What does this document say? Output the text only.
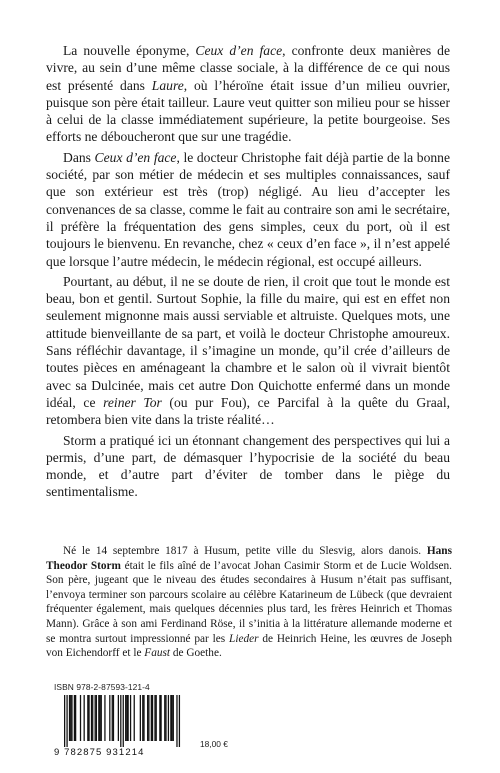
La nouvelle éponyme, Ceux d’en face, confronte deux manières de vivre, au sein d’une même classe sociale, à la différence de ce qui nous est présenté dans Laure, où l’héroïne était issue d’un milieu ouvrier, puisque son père était tailleur. Laure veut quitter son milieu pour se hisser à celui de la classe immédiatement supérieure, la petite bourgeoise. Ses efforts ne déboucheront que sur une tragédie.

Dans Ceux d’en face, le docteur Christophe fait déjà partie de la bonne société, par son métier de médecin et ses multiples connaissances, sauf que son extérieur est très (trop) négligé. Au lieu d’accepter les convenances de sa classe, comme le fait au contraire son ami le secrétaire, il préfère la fréquentation des gens simples, ceux du port, où il est toujours le bienvenu. En revanche, chez « ceux d’en face », il n’est appelé que lorsque l’autre médecin, le médecin régional, est occupé ailleurs.

Pourtant, au début, il ne se doute de rien, il croit que tout le monde est beau, bon et gentil. Surtout Sophie, la fille du maire, qui est en effet non seulement mignonne mais aussi serviable et altruiste. Quelques mots, une attitude bienveillante de sa part, et voilà le docteur Christophe amoureux. Sans réfléchir davantage, il s’imagine un monde, qu’il crée d’ailleurs de toutes pièces en aménageant la chambre et le salon où il vivrait bientôt avec sa Dulcinée, mais cet autre Don Quichotte enfermé dans un monde idéal, ce reiner Tor (ou pur Fou), ce Parcifal à la quête du Graal, retombera bien vite dans la triste réalité…

Storm a pratiqué ici un étonnant changement des perspectives qui lui a permis, d’une part, de démasquer l’hypocrisie de la société du beau monde, et d’autre part d’éviter de tomber dans le piège du sentimentalisme.

Né le 14 septembre 1817 à Husum, petite ville du Slesvig, alors danois. Hans Theodor Storm était le fils aîné de l’avocat Johan Casimir Storm et de Lucie Woldsen. Son père, jugeant que le niveau des études secondaires à Husum n’était pas suffisant, l’envoya terminer son parcours scolaire au célèbre Katarineum de Lübeck (que devraient fréquenter également, mais quelques décennies plus tard, les frères Heinrich et Thomas Mann). Grâce à son ami Ferdinand Röse, il s’initia à la littérature allemande moderne et se montra surtout impressionné par les Lieder de Heinrich Heine, les œuvres de Joseph von Eichendorff et le Faust de Goethe.

ISBN 978-2-87593-121-4
9 782875 931214
18,00 €
